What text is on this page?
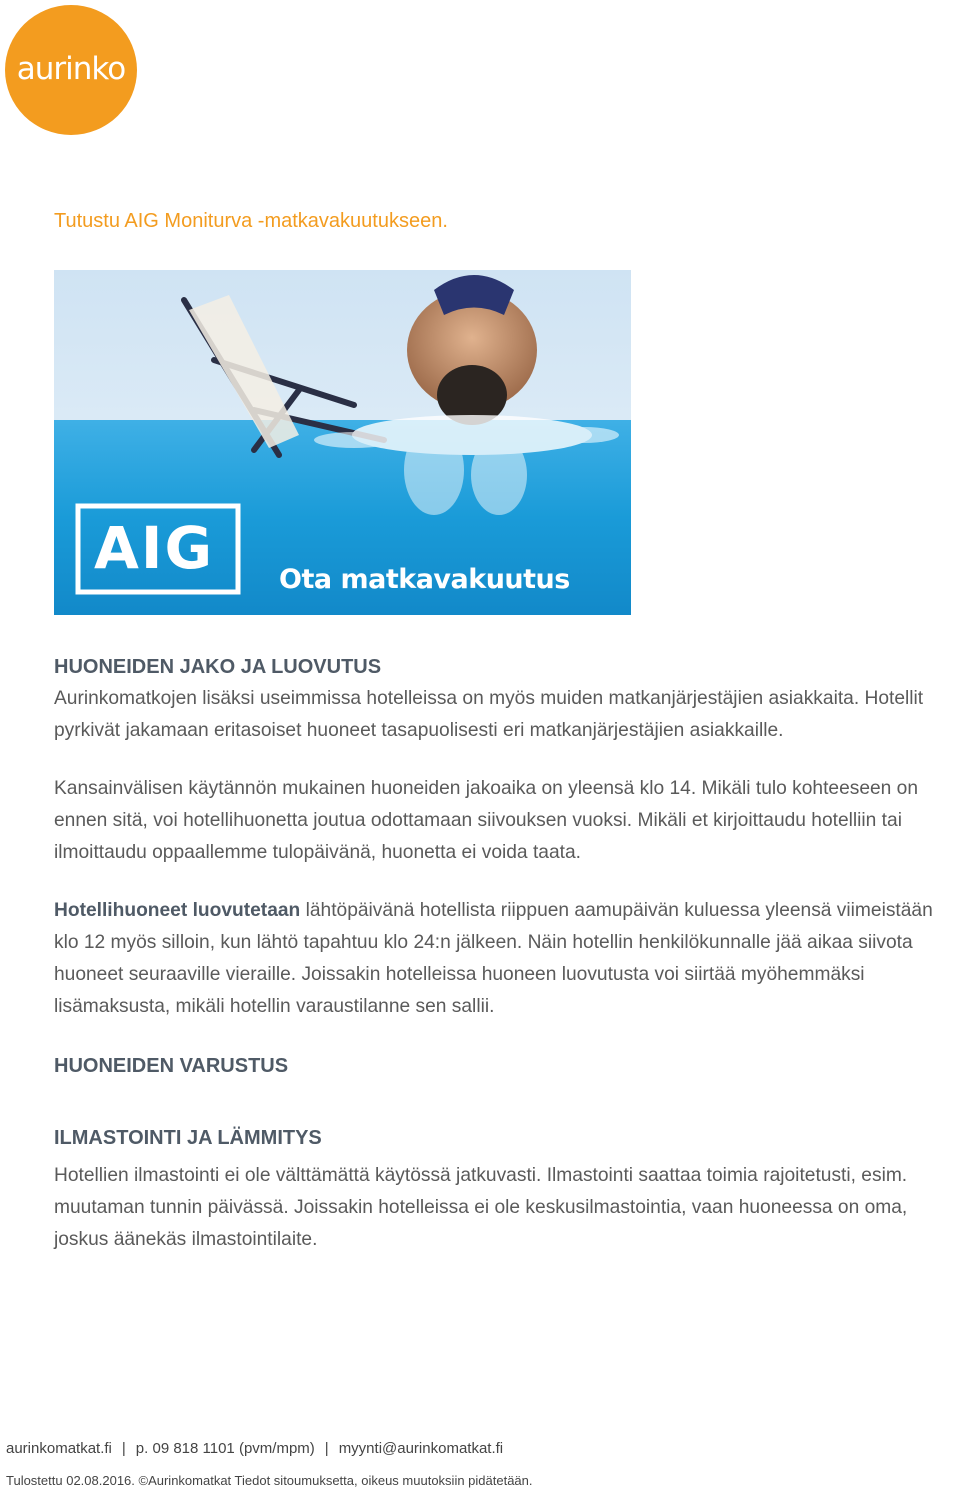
aurinko
Tutustu AIG Moniturva -matkavakuutukseen.
AIG Ota matkavakuutus
HUONEIDEN JAKO JA LUOVUTUS

Aurinkomatkojen lisäksi useimmissa hotelleissa on myös muiden matkanjärjestäjien asiakkaita. Hotellit pyrkivät jakamaan eritasoiset huoneet tasapuolisesti eri matkanjärjestäjien asiakkaille.

Kansainvälisen käytännön mukainen huoneiden jakoaika on yleensä klo 14. Mikäli tulo kohteeseen on ennen sitä, voi hotellihuonetta joutua odottamaan siivouksen vuoksi. Mikäli et kirjoittaudu hotelliin tai ilmoittaudu oppaallemme tulopäivänä, huonetta ei voida taata.

Hotellihuoneet luovutetaan lähtöpäivänä hotellista riippuen aamupäivän kuluessa yleensä viimeistään klo 12 myös silloin, kun lähtö tapahtuu klo 24:n jälkeen. Näin hotellin henkilökunnalle jää aikaa siivota huoneet seuraaville vieraille. Joissakin hotelleissa huoneen luovutusta voi siirtää myöhemmäksi lisämaksusta, mikäli hotellin varaustilanne sen sallii.

HUONEIDEN VARUSTUS
ILMASTOINTI JA LÄMMITYS

Hotellien ilmastointi ei ole välttämättä käytössä jatkuvasti. Ilmastointi saattaa toimia rajoitetusti, esim. muutaman tunnin päivässä. Joissakin hotelleissa ei ole keskusilmastointia, vaan huoneessa on oma, joskus äänekäs ilmastointilaite.

aurinkomatkat.fi | p. 09 818 1101 (pvm/mpm) | myynti@aurinkomatkat.fi
Tulostettu 02.08.2016. ©Aurinkomatkat Tiedot sitoumuksetta, oikeus muutoksiin pidätetään.
